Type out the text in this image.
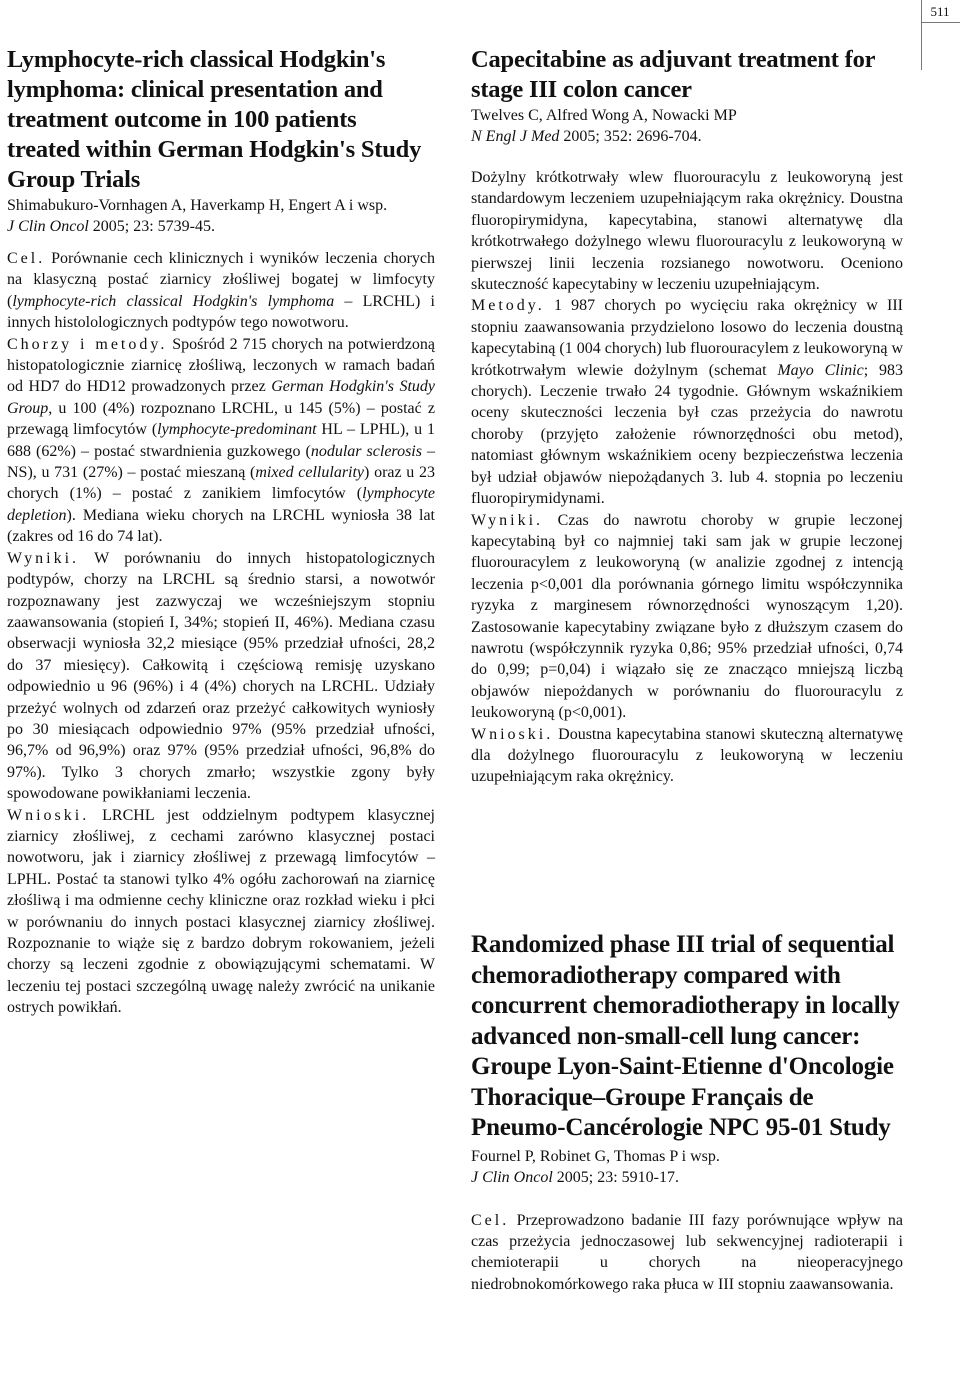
511
Lymphocyte-rich classical Hodgkin's lymphoma: clinical presentation and treatment outcome in 100 patients treated within German Hodgkin's Study Group Trials

Shimabukuro-Vornhagen A, Haverkamp H, Engert A i wsp.

J Clin Oncol 2005; 23: 5739-45.

Cel. Porównanie cech klinicznych i wyników leczenia chorych na klasyczną postać ziarnicy złośliwej bogatej w limfocyty (lymphocyte-rich classical Hodgkin's lymphoma – LRCHL) i innych histolologicznych podtypów tego nowotworu.

Chorzy i metody. Spośród 2 715 chorych na potwierdzoną histopatologicznie ziarnicę złośliwą, leczonych w ramach badań od HD7 do HD12 prowadzonych przez German Hodgkin's Study Group, u 100 (4%) rozpoznano LRCHL, u 145 (5%) – postać z przewagą limfocytów (lymphocyte-predominant HL – LPHL), u 1 688 (62%) – postać stwardnienia guzkowego (nodular sclerosis – NS), u 731 (27%) – postać mieszaną (mixed cellularity) oraz u 23 chorych (1%) – postać z zanikiem limfocytów (lymphocyte depletion). Mediana wieku chorych na LRCHL wyniosła 38 lat (zakres od 16 do 74 lat).

Wyniki. W porównaniu do innych histopatologicznych podtypów, chorzy na LRCHL są średnio starsi, a nowotwór rozpoznawany jest zazwyczaj we wcześniejszym stopniu zaawansowania (stopień I, 34%; stopień II, 46%). Mediana czasu obserwacji wyniosła 32,2 miesiące (95% przedział ufności, 28,2 do 37 miesięcy). Całkowitą i częściową remisję uzyskano odpowiednio u 96 (96%) i 4 (4%) chorych na LRCHL. Udziały przeżyć wolnych od zdarzeń oraz przeżyć całkowitych wyniosły po 30 miesiącach odpowiednio 97% (95% przedział ufności, 96,7% od 96,9%) oraz 97% (95% przedział ufności, 96,8% do 97%). Tylko 3 chorych zmarło; wszystkie zgony były spowodowane powikłaniami leczenia.

Wnioski. LRCHL jest oddzielnym podtypem klasycznej ziarnicy złośliwej, z cechami zarówno klasycznej postaci nowotworu, jak i ziarnicy złośliwej z przewagą limfocytów – LPHL. Postać ta stanowi tylko 4% ogółu zachorowań na ziarnicę złośliwą i ma odmienne cechy kliniczne oraz rozkład wieku i płci w porównaniu do innych postaci klasycznej ziarnicy złośliwej. Rozpoznanie to wiąże się z bardzo dobrym rokowaniem, jeżeli chorzy są leczeni zgodnie z obowiązującymi schematami. W leczeniu tej postaci szczególną uwagę należy zwrócić na unikanie ostrych powikłań.

Capecitabine as adjuvant treatment for stage III colon cancer

Twelves C, Alfred Wong A, Nowacki MP

N Engl J Med 2005; 352: 2696-704.

Dożylny krótkotrwały wlew fluorouracylu z leukoworyną jest standardowym leczeniem uzupełniającym raka okrężnicy. Doustna fluoropirymidyna, kapecytabina, stanowi alternatywę dla krótkotrwałego dożylnego wlewu fluorouracylu z leukoworyną w pierwszej linii leczenia rozsianego nowotworu. Oceniono skuteczność kapecytabiny w leczeniu uzupełniającym.

Metody. 1 987 chorych po wycięciu raka okrężnicy w III stopniu zaawansowania przydzielono losowo do leczenia doustną kapecytabiną (1 004 chorych) lub fluorouracylem z leukoworyną w krótkotrwałym wlewie dożylnym (schemat Mayo Clinic; 983 chorych). Leczenie trwało 24 tygodnie. Głównym wskaźnikiem oceny skuteczności leczenia był czas przeżycia do nawrotu choroby (przyjęto założenie równorzędności obu metod), natomiast głównym wskaźnikiem oceny bezpieczeństwa leczenia był udział objawów niepożądanych 3. lub 4. stopnia po leczeniu fluoropirymidynami.

Wyniki. Czas do nawrotu choroby w grupie leczonej kapecytabiną był co najmniej taki sam jak w grupie leczonej fluorouracylem z leukoworyną (w analizie zgodnej z intencją leczenia p<0,001 dla porównania górnego limitu współczynnika ryzyka z marginesem równorzędności wynoszącym 1,20). Zastosowanie kapecytabiny związane było z dłuższym czasem do nawrotu (współczynnik ryzyka 0,86; 95% przedział ufności, 0,74 do 0,99; p=0,04) i wiązało się ze znacząco mniejszą liczbą objawów niepożdanych w porównaniu do fluorouracylu z leukoworyną (p<0,001).

Wnioski. Doustna kapecytabina stanowi skuteczną alternatywę dla dożylnego fluorouracylu z leukoworyną w leczeniu uzupełniającym raka okrężnicy.

Randomized phase III trial of sequential chemoradiotherapy compared with concurrent chemoradiotherapy in locally advanced non-small-cell lung cancer: Groupe Lyon-Saint-Etienne d'Oncologie Thoracique–Groupe Français de Pneumo-Cancérologie NPC 95-01 Study

Fournel P, Robinet G, Thomas P i wsp.

J Clin Oncol 2005; 23: 5910-17.

Cel. Przeprowadzono badanie III fazy porównujące wpływ na czas przeżycia jednoczasowej lub sekwencyjnej radioterapii i chemioterapii u chorych na nieoperacyjnego niedrobnokomórkowego raka płuca w III stopniu zaawansowania.
